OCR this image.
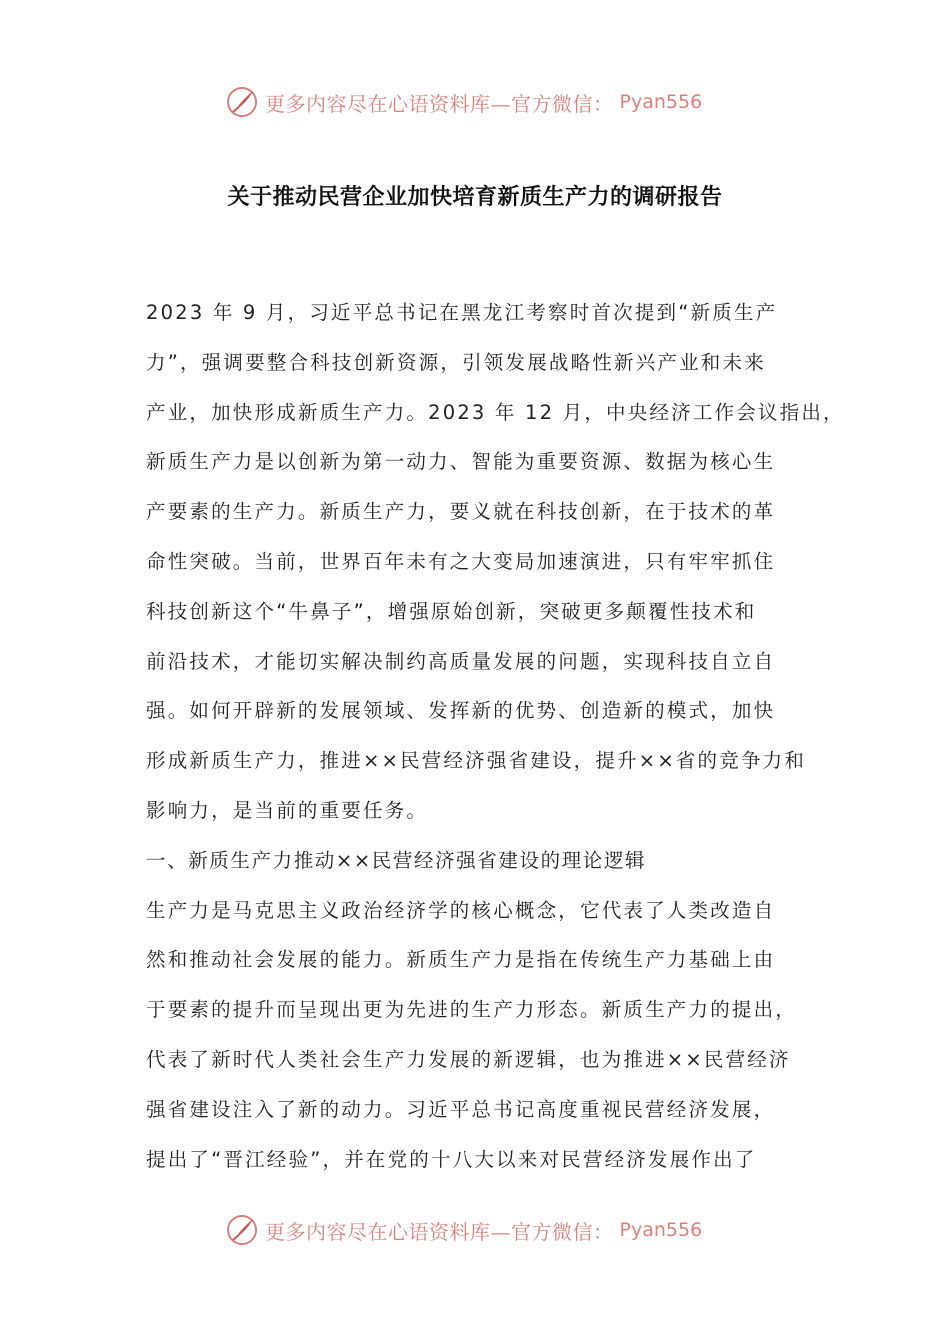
更多内容尽在心语资料库—官方微信： Pyan556
关于推动民营企业加快培育新质生产力的调研报告
2023 年 9 月，习近平总书记在黑龙江考察时首次提到“新质生产
力”，强调要整合科技创新资源，引领发展战略性新兴产业和未来
产业，加快形成新质生产力。2023 年 12 月，中央经济工作会议指出，
新质生产力是以创新为第一动力、智能为重要资源、数据为核心生
产要素的生产力。新质生产力，要义就在科技创新，在于技术的革
命性突破。当前，世界百年未有之大变局加速演进，只有牢牢抓住
科技创新这个“牛鼻子”，增强原始创新，突破更多颠覆性技术和
前沿技术，才能切实解决制约高质量发展的问题，实现科技自立自
强。如何开辟新的发展领域、发挥新的优势、创造新的模式，加快
形成新质生产力，推进××民营经济强省建设，提升××省的竞争力和
影响力，是当前的重要任务。
一、新质生产力推动××民营经济强省建设的理论逻辑
生产力是马克思主义政治经济学的核心概念，它代表了人类改造自
然和推动社会发展的能力。新质生产力是指在传统生产力基础上由
于要素的提升而呈现出更为先进的生产力形态。新质生产力的提出，
代表了新时代人类社会生产力发展的新逻辑，也为推进××民营经济
强省建设注入了新的动力。习近平总书记高度重视民营经济发展，
提出了“晋江经验”，并在党的十八大以来对民营经济发展作出了
更多内容尽在心语资料库—官方微信： Pyan556
